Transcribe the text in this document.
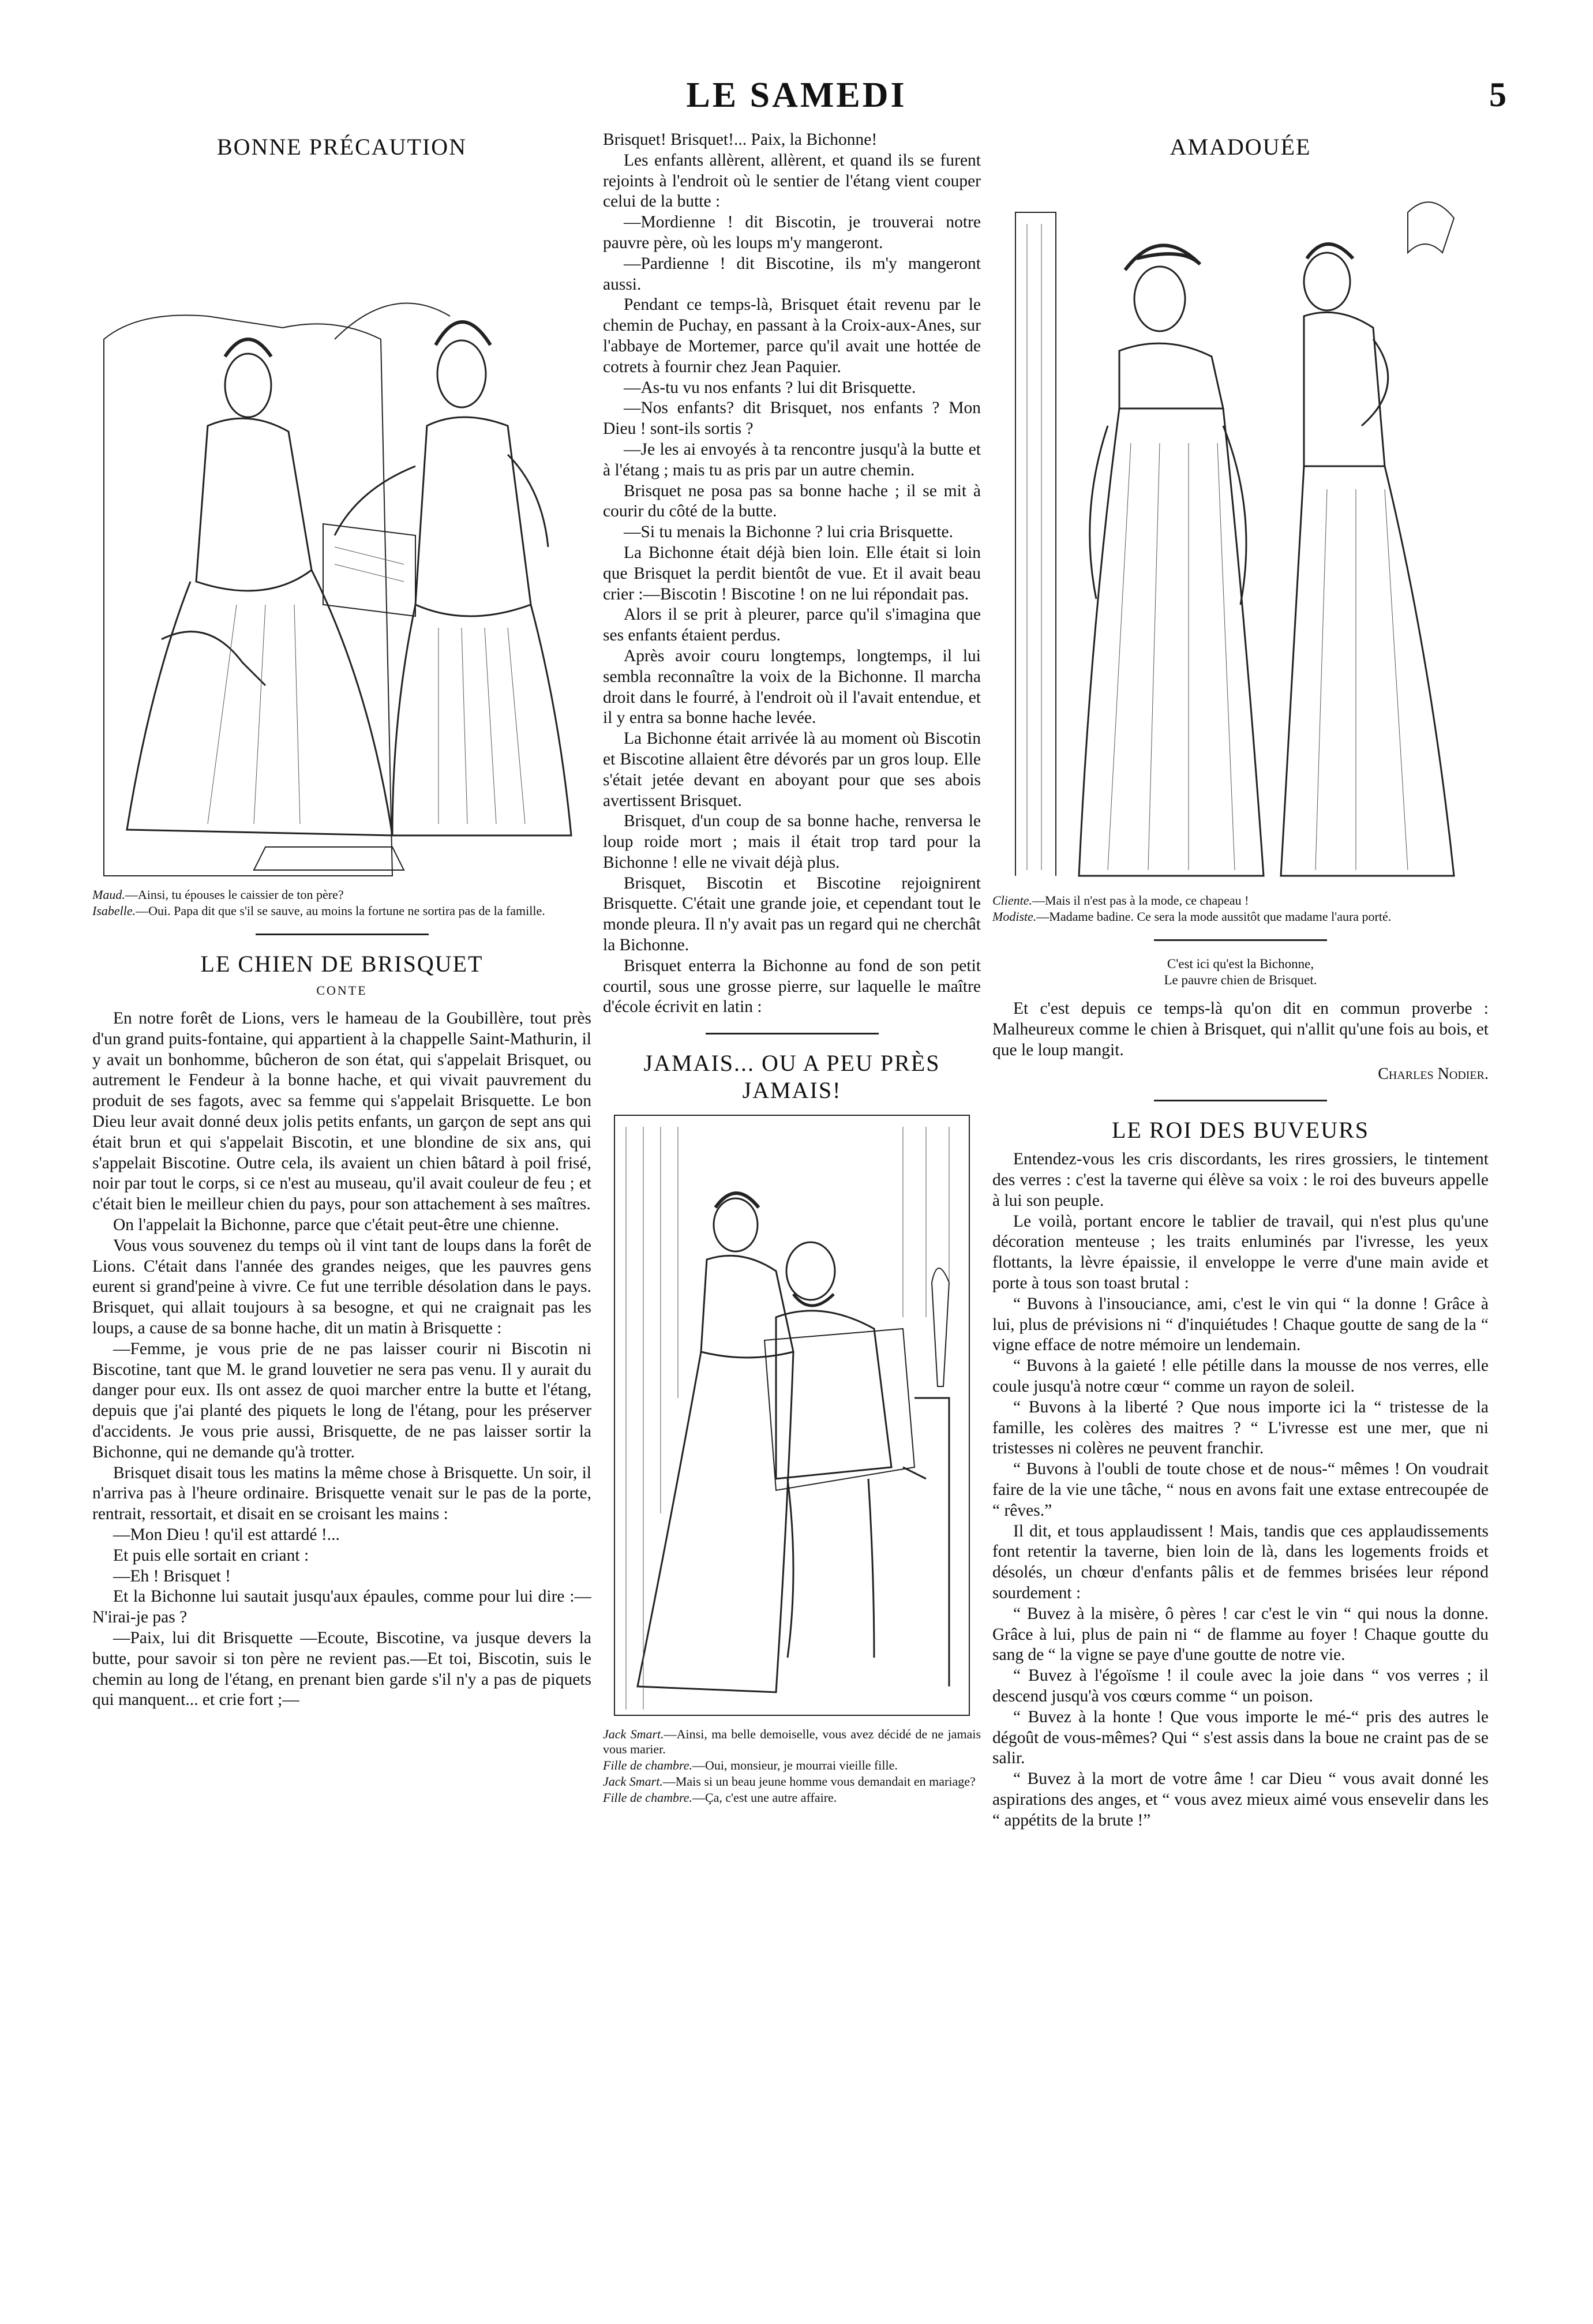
LE SAMEDI	5
BONNE PRÉCAUTION

Maud.—Ainsi, tu épouses le caissier de ton père?

Isabelle.—Oui. Papa dit que s'il se sauve, au moins la fortune ne sortira pas de la famille.

LE CHIEN DE BRISQUET
CONTE

En notre forêt de Lions, vers le hameau de la Goubillère, tout près d'un grand puits-fontaine, qui appartient à la chappelle Saint-Mathurin, il y avait un bonhomme, bûcheron de son état, qui s'appelait Brisquet, ou autrement le Fendeur à la bonne hache, et qui vivait pauvrement du produit de ses fagots, avec sa femme qui s'appelait Brisquette. Le bon Dieu leur avait donné deux jolis petits enfants, un garçon de sept ans qui était brun et qui s'appelait Biscotin, et une blondine de six ans, qui s'appelait Biscotine. Outre cela, ils avaient un chien bâtard à poil frisé, noir par tout le corps, si ce n'est au museau, qu'il avait couleur de feu ; et c'était bien le meilleur chien du pays, pour son attachement à ses maîtres.

On l'appelait la Bichonne, parce que c'était peut-être une chienne.

Vous vous souvenez du temps où il vint tant de loups dans la forêt de Lions. C'était dans l'année des grandes neiges, que les pauvres gens eurent si grand'peine à vivre. Ce fut une terrible désolation dans le pays. Brisquet, qui allait toujours à sa besogne, et qui ne craignait pas les loups, a cause de sa bonne hache, dit un matin à Brisquette :

—Femme, je vous prie de ne pas laisser courir ni Biscotin ni Biscotine, tant que M. le grand louvetier ne sera pas venu. Il y aurait du danger pour eux. Ils ont assez de quoi marcher entre la butte et l'étang, depuis que j'ai planté des piquets le long de l'étang, pour les préserver d'accidents. Je vous prie aussi, Brisquette, de ne pas laisser sortir la Bichonne, qui ne demande qu'à trotter.

Brisquet disait tous les matins la même chose à Brisquette. Un soir, il n'arriva pas à l'heure ordinaire. Brisquette venait sur le pas de la porte, rentrait, ressortait, et disait en se croisant les mains :

—Mon Dieu ! qu'il est attardé !...

Et puis elle sortait en criant :

—Eh ! Brisquet !

Et la Bichonne lui sautait jusqu'aux épaules, comme pour lui dire :—N'irai-je pas ?

—Paix, lui dit Brisquette —Ecoute, Biscotine, va jusque devers la butte, pour savoir si ton père ne revient pas.—Et toi, Biscotin, suis le chemin au long de l'étang, en prenant bien garde s'il n'y a pas de piquets qui manquent... et crie fort ;—

Brisquet! Brisquet!... Paix, la Bichonne!

Les enfants allèrent, allèrent, et quand ils se furent rejoints à l'endroit où le sentier de l'étang vient couper celui de la butte :

—Mordienne ! dit Biscotin, je trouverai notre pauvre père, où les loups m'y mangeront.

—Pardienne ! dit Biscotine, ils m'y mangeront aussi.

Pendant ce temps-là, Brisquet était revenu par le chemin de Puchay, en passant à la Croix-aux-Anes, sur l'abbaye de Mortemer, parce qu'il avait une hottée de cotrets à fournir chez Jean Paquier.

—As-tu vu nos enfants ? lui dit Brisquette.

—Nos enfants? dit Brisquet, nos enfants ? Mon Dieu ! sont-ils sortis ?

—Je les ai envoyés à ta rencontre jusqu'à la butte et à l'étang ; mais tu as pris par un autre chemin.

Brisquet ne posa pas sa bonne hache ; il se mit à courir du côté de la butte.

—Si tu menais la Bichonne ? lui cria Brisquette.

La Bichonne était déjà bien loin. Elle était si loin que Brisquet la perdit bientôt de vue. Et il avait beau crier :—Biscotin ! Biscotine ! on ne lui répondait pas.

Alors il se prit à pleurer, parce qu'il s'imagina que ses enfants étaient perdus.

Après avoir couru longtemps, longtemps, il lui sembla reconnaître la voix de la Bichonne. Il marcha droit dans le fourré, à l'endroit où il l'avait entendue, et il y entra sa bonne hache levée.

La Bichonne était arrivée là au moment où Biscotin et Biscotine allaient être dévorés par un gros loup. Elle s'était jetée devant en aboyant pour que ses abois avertissent Brisquet.

Brisquet, d'un coup de sa bonne hache, renversa le loup roide mort ; mais il était trop tard pour la Bichonne ! elle ne vivait déjà plus.

Brisquet, Biscotin et Biscotine rejoignirent Brisquette. C'était une grande joie, et cependant tout le monde pleura. Il n'y avait pas un regard qui ne cherchât la Bichonne.

Brisquet enterra la Bichonne au fond de son petit courtil, sous une grosse pierre, sur laquelle le maître d'école écrivit en latin :

JAMAIS... OU A PEU PRÈS JAMAIS!

Jack Smart.—Ainsi, ma belle demoiselle, vous avez décidé de ne jamais vous marier.

Fille de chambre.—Oui, monsieur, je mourrai vieille fille.

Jack Smart.—Mais si un beau jeune homme vous demandait en mariage?

Fille de chambre.—Ça, c'est une autre affaire.

AMADOUÉE

Cliente.—Mais il n'est pas à la mode, ce chapeau !

Modiste.—Madame badine. Ce sera la mode aussitôt que madame l'aura porté.

C'est ici qu'est la Bichonne,

Le pauvre chien de Brisquet.

Et c'est depuis ce temps-là qu'on dit en commun proverbe : Malheureux comme le chien à Brisquet, qui n'allit qu'une fois au bois, et que le loup mangit.

Charles Nodier.

LE ROI DES BUVEURS

Entendez-vous les cris discordants, les rires grossiers, le tintement des verres : c'est la taverne qui élève sa voix : le roi des buveurs appelle à lui son peuple.

Le voilà, portant encore le tablier de travail, qui n'est plus qu'une décoration menteuse ; les traits enluminés par l'ivresse, les yeux flottants, la lèvre épaissie, il enveloppe le verre d'une main avide et porte à tous son toast brutal :

“ Buvons à l'insouciance, ami, c'est le vin qui “ la donne ! Grâce à lui, plus de prévisions ni “ d'inquiétudes ! Chaque goutte de sang de la “ vigne efface de notre mémoire un lendemain.

“ Buvons à la gaieté ! elle pétille dans la mousse de nos verres, elle coule jusqu'à notre cœur “ comme un rayon de soleil.

“ Buvons à la liberté ? Que nous importe ici la “ tristesse de la famille, les colères des maitres ? “ L'ivresse est une mer, que ni tristesses ni colères ne peuvent franchir.

“ Buvons à l'oubli de toute chose et de nous-“ mêmes ! On voudrait faire de la vie une tâche, “ nous en avons fait une extase entrecoupée de “ rêves.”

Il dit, et tous applaudissent ! Mais, tandis que ces applaudissements font retentir la taverne, bien loin de là, dans les logements froids et désolés, un chœur d'enfants pâlis et de femmes brisées leur répond sourdement :

“ Buvez à la misère, ô pères ! car c'est le vin “ qui nous la donne. Grâce à lui, plus de pain ni “ de flamme au foyer ! Chaque goutte du sang de “ la vigne se paye d'une goutte de notre vie.

“ Buvez à l'égoïsme ! il coule avec la joie dans “ vos verres ; il descend jusqu'à vos cœurs comme “ un poison.

“ Buvez à la honte ! Que vous importe le mé-“ pris des autres le dégoût de vous-mêmes? Qui “ s'est assis dans la boue ne craint pas de se salir.

“ Buvez à la mort de votre âme ! car Dieu “ vous avait donné les aspirations des anges, et “ vous avez mieux aimé vous ensevelir dans les “ appétits de la brute !”
